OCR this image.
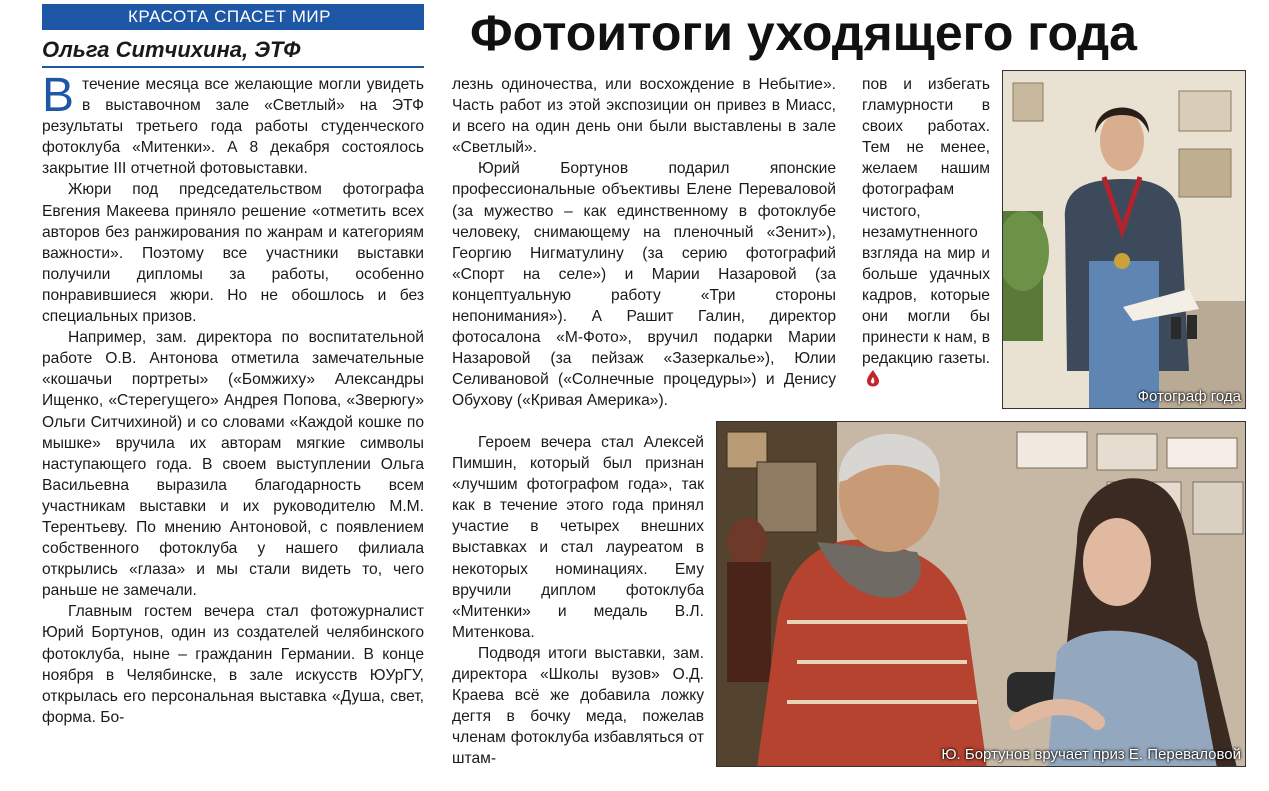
КРАСОТА СПАСЕТ МИР
Ольга Ситчихина, ЭТФ	Фотоитоги уходящего года

Втечение месяца все желающие могли увидеть в выставочном зале «Светлый» на ЭТФ результаты третьего года работы студенческого фотоклуба «Митенки». А 8 декабря состоялось закрытие III отчетной фотовыставки.

Жюри под председательством фотографа Евгения Макеева приняло решение «отметить всех авторов без ранжирования по жанрам и категориям важности». Поэтому все участники выставки получили дипломы за работы, особенно понравившиеся жюри. Но не обошлось и без специальных призов.

Например, зам. директора по воспитательной работе О.В. Антонова отметила замечательные «кошачьи портреты» («Бомжиху» Александры Ищенко, «Стерегущего» Андрея Попова, «Зверюгу» Ольги Ситчихиной) и со словами «Каждой кошке по мышке» вручила их авторам мягкие символы наступающего года. В своем выступлении Ольга Васильевна выразила благодарность всем участникам выставки и их руководителю М.М. Терентьеву. По мнению Антоновой, с появлением собственного фотоклуба у нашего филиала открылись «глаза» и мы стали видеть то, чего раньше не замечали.

Главным гостем вечера стал фотожурналист Юрий Бортунов, один из создателей челябинского фотоклуба, ныне – гражданин Германии. В конце ноября в Челябинске, в зале искусств ЮУрГУ, открылась его персональная выставка «Душа, свет, форма. Бо-

лезнь одиночества, или восхождение в Небытие». Часть работ из этой экспозиции он привез в Миасс, и всего на один день они были выставлены в зале «Светлый».

Юрий Бортунов подарил японские профессиональные объективы Елене Переваловой (за мужество – как единственному в фотоклубе человеку, снимающему на пленочный «Зенит»), Георгию Нигматулину (за серию фотографий «Спорт на селе») и Марии Назаровой (за концептуальную работу «Три стороны непонимания»). А Рашит Галин, директор фотосалона «М-Фото», вручил подарки Марии Назаровой (за пейзаж «Зазеркалье»), Юлии Селивановой («Солнечные процедуры») и Денису Обухову («Кривая Америка»).

пов и избегать гламурности в своих работах. Тем не менее, желаем нашим фотографам чистого, незамутненного взгляда на мир и больше удачных кадров, которые они могли бы принести к нам, в редакцию газеты.

Героем вечера стал Алексей Пимшин, который был признан «лучшим фотографом года», так как в течение этого года принял участие в четырех внешних выставках и стал лауреатом в некоторых номинациях. Ему вручили диплом фотоклуба «Митенки» и медаль В.Л. Митенкова.

Подводя итоги выставки, зам. директора «Школы вузов» О.Д. Краева всё же добавила ложку дегтя в бочку меда, пожелав членам фотоклуба избавляться от штам-

Фотограф года
Ю. Бортунов вручает приз Е. Переваловой
